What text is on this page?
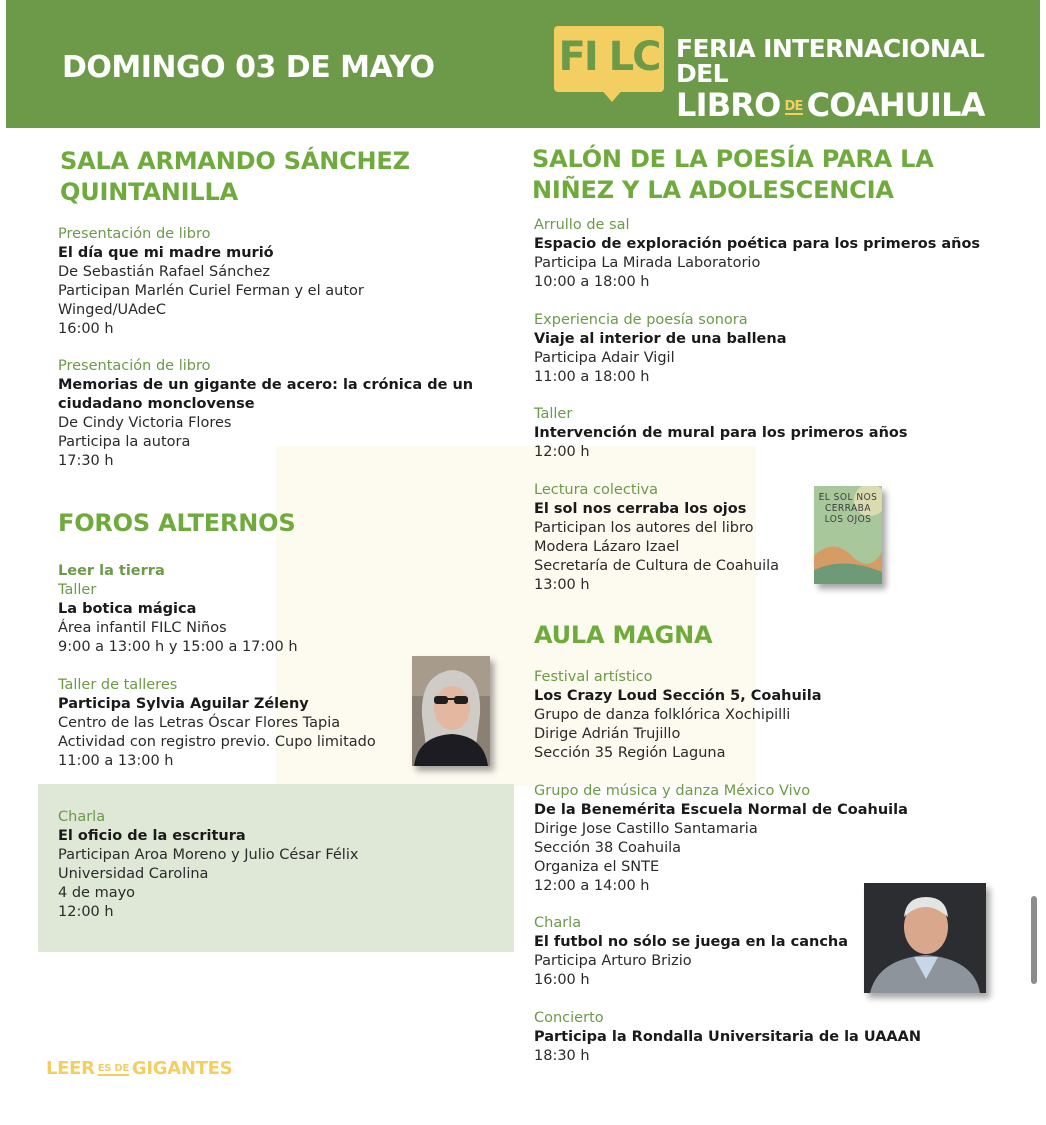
DOMINGO 03 DE MAYO	FI LC FERIA INTERNACIONAL DEL
LIBRO DE COAHUILA
SALA ARMANDO SÁNCHEZ
QUINTANILLA
Presentación de libro
El día que mi madre murió
De Sebastián Rafael Sánchez
Participan Marlén Curiel Ferman y el autor
Winged/UAdeC
16:00 h
Presentación de libro
Memorias de un gigante de acero: la crónica de un
ciudadano monclovense
De Cindy Victoria Flores
Participa la autora
17:30 h
FOROS ALTERNOS
Leer la tierra
Taller
La botica mágica
Área infantil FILC Niños
9:00 a 13:00 h y 15:00 a 17:00 h
Taller de talleres
Participa Sylvia Aguilar Zéleny
Centro de las Letras Óscar Flores Tapia
Actividad con registro previo. Cupo limitado
11:00 a 13:00 h
Charla
El oficio de la escritura
Participan Aroa Moreno y Julio César Félix
Universidad Carolina
4 de mayo
12:00 h
LEER ES DE GIGANTES
SALÓN DE LA POESÍA PARA LA
NIÑEZ Y LA ADOLESCENCIA
Arrullo de sal
Espacio de exploración poética para los primeros años
Participa La Mirada Laboratorio
10:00 a 18:00 h
Experiencia de poesía sonora
Viaje al interior de una ballena
Participa Adair Vigil
11:00 a 18:00 h
Taller
Intervención de mural para los primeros años
12:00 h
Lectura colectiva
El sol nos cerraba los ojos
Participan los autores del libro
Modera Lázaro Izael
Secretaría de Cultura de Coahuila
13:00 h
EL SOL NOS
CERRABA
LOS OJOS
AULA MAGNA
Festival artístico
Los Crazy Loud Sección 5, Coahuila
Grupo de danza folklórica Xochipilli
Dirige Adrián Trujillo
Sección 35 Región Laguna
Grupo de música y danza México Vivo
De la Benemérita Escuela Normal de Coahuila
Dirige Jose Castillo Santamaria
Sección 38 Coahuila
Organiza el SNTE
12:00 a 14:00 h
Charla
El futbol no sólo se juega en la cancha
Participa Arturo Brizio
16:00 h
Concierto
Participa la Rondalla Universitaria de la UAAAN
18:30 h
